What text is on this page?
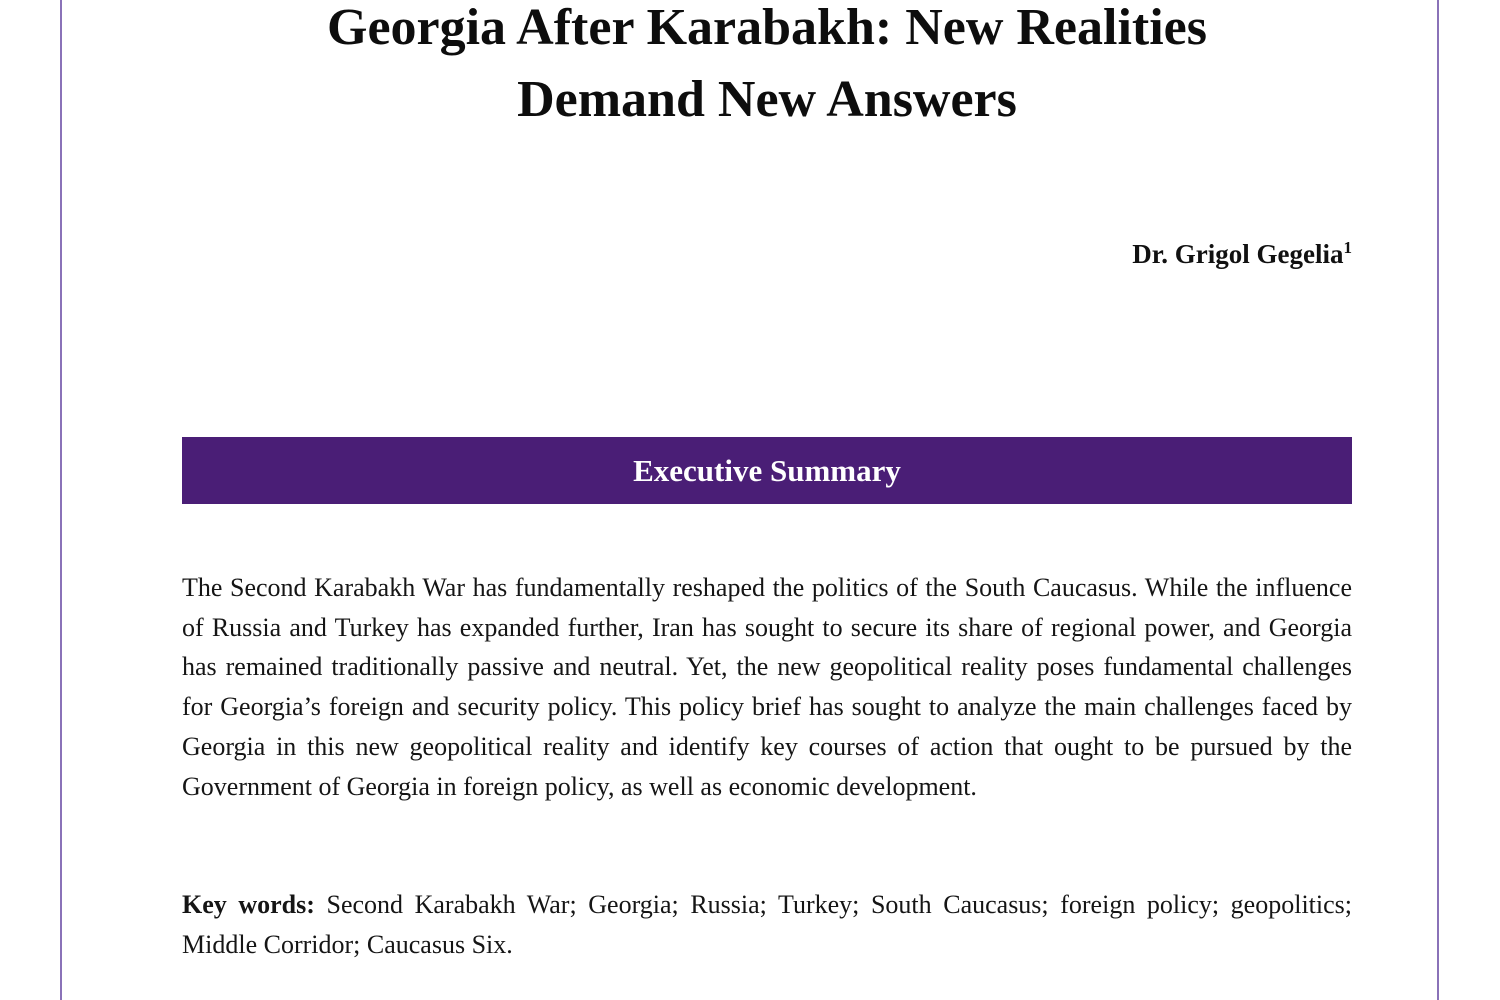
Georgia After Karabakh: New Realities
Demand New Answers
Dr. Grigol Gegelia$^1$
Executive Summary

The Second Karabakh War has fundamentally reshaped the politics of the South Caucasus. While the influence of Russia and Turkey has expanded further, Iran has sought to secure its share of regional power, and Georgia has remained traditionally passive and neutral. Yet, the new geopolitical reality poses fundamental challenges for Georgia’s foreign and security policy. This policy brief has sought to analyze the main challenges faced by Georgia in this new geopolitical reality and identify key courses of action that ought to be pursued by the Government of Georgia in foreign policy, as well as economic development.

Key words: Second Karabakh War; Georgia; Russia; Turkey; South Caucasus; foreign policy; geopolitics; Middle Corridor; Caucasus Six.
